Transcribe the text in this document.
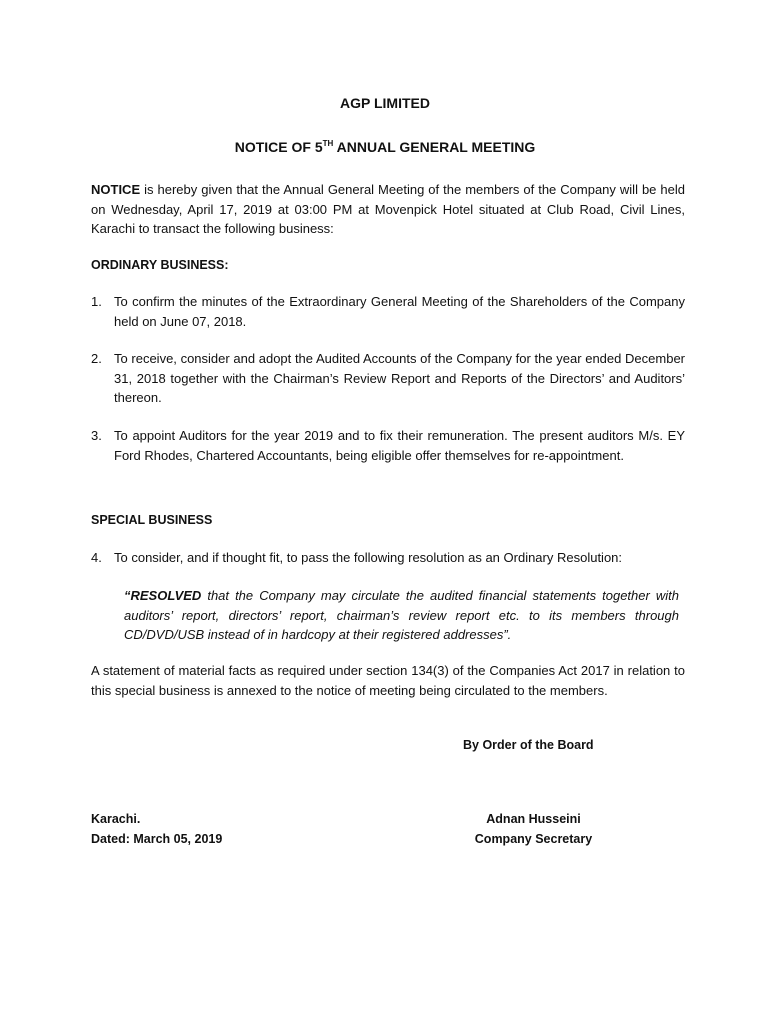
AGP LIMITED
NOTICE OF 5TH ANNUAL GENERAL MEETING

NOTICE is hereby given that the Annual General Meeting of the members of the Company will be held on Wednesday, April 17, 2019 at 03:00 PM at Movenpick Hotel situated at Club Road, Civil Lines, Karachi to transact the following business:

ORDINARY BUSINESS:
1. To confirm the minutes of the Extraordinary General Meeting of the Shareholders of the Company held on June 07, 2018.
2. To receive, consider and adopt the Audited Accounts of the Company for the year ended December 31, 2018 together with the Chairman’s Review Report and Reports of the Directors’ and Auditors’ thereon.
3. To appoint Auditors for the year 2019 and to fix their remuneration. The present auditors M/s. EY Ford Rhodes, Chartered Accountants, being eligible offer themselves for re-appointment.
SPECIAL BUSINESS
4. To consider, and if thought fit, to pass the following resolution as an Ordinary Resolution:
“RESOLVED that the Company may circulate the audited financial statements together with auditors’ report, directors’ report, chairman’s review report etc. to its members through CD/DVD/USB instead of in hardcopy at their registered addresses”.

A statement of material facts as required under section 134(3) of the Companies Act 2017 in relation to this special business is annexed to the notice of meeting being circulated to the members.

By Order of the Board
Karachi.
Dated: March 05, 2019
Adnan Husseini
Company Secretary
